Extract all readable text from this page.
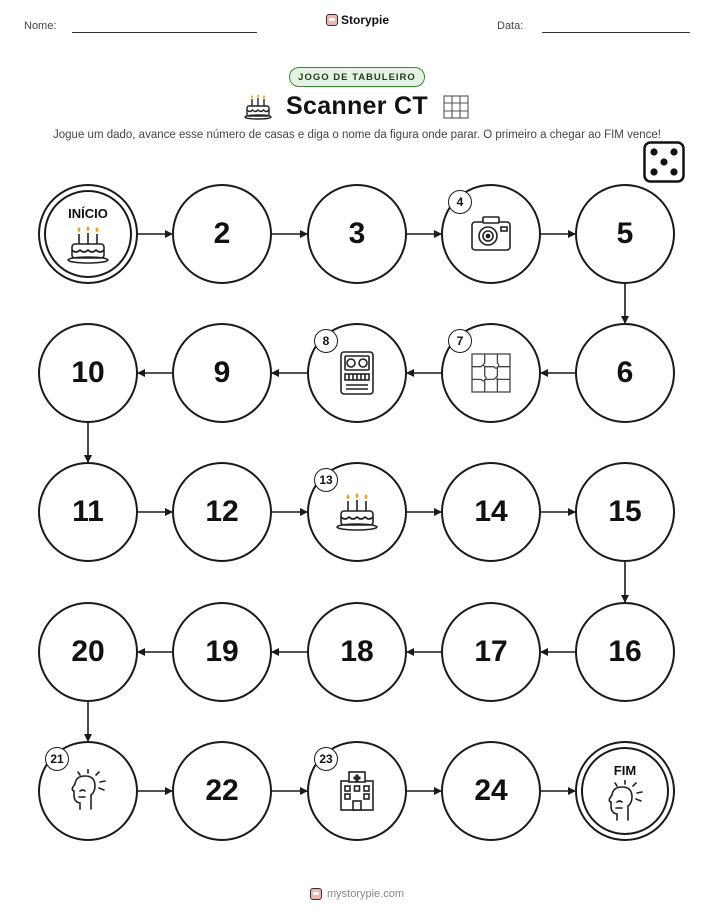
Nome:	Storypie	Data:
JOGO DE TABULEIRO
Scanner CT
Jogue um dado, avance esse número de casas e diga o nome da figura onde parar. O primeiro a chegar ao FIM vence!
INÍCIO
2	3
4
5
6
7
8
9
10
11	12
13
14	15
16
17
18
19
20
21
22
23
24
FIM
mystorypie.com
